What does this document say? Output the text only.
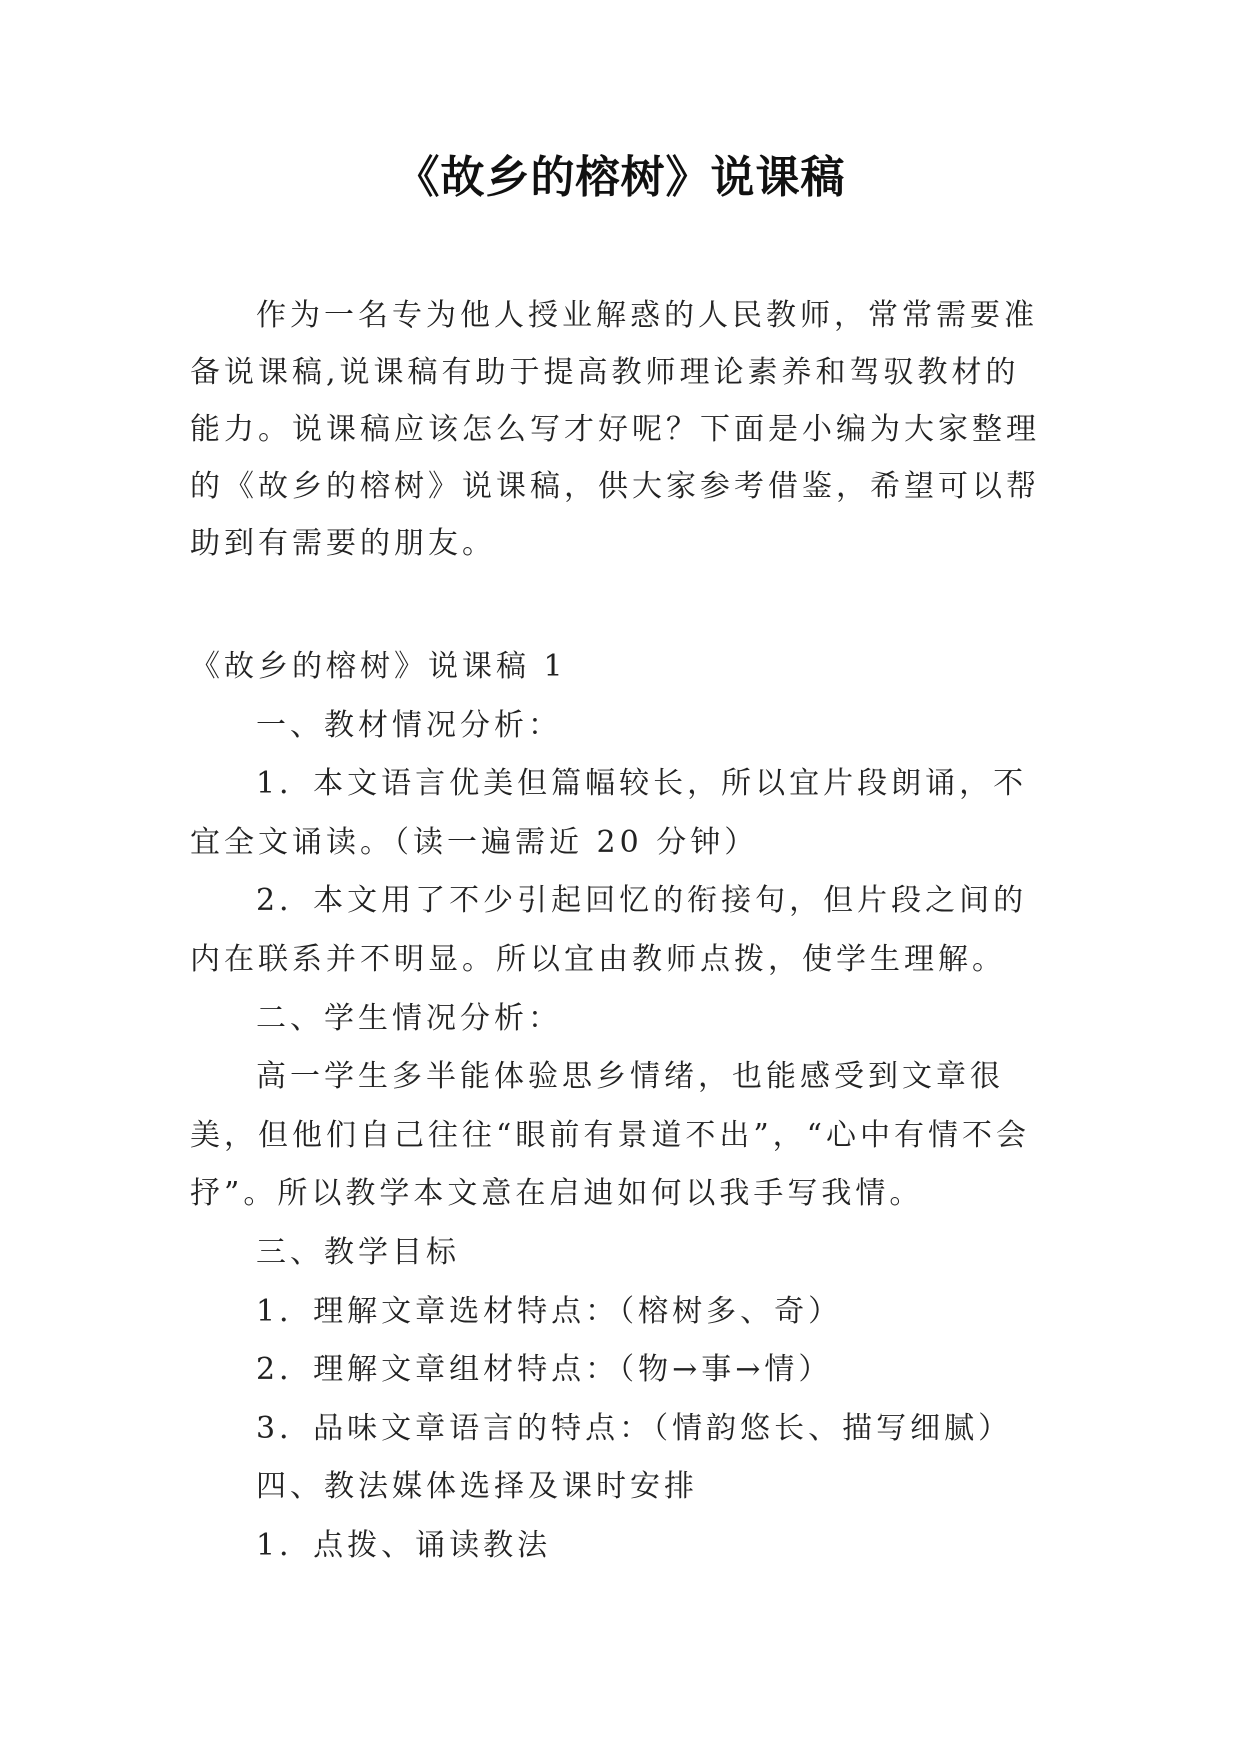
《故乡的榕树》说课稿

作为一名专为他人授业解惑的人民教师，常常需要准备说课稿,说课稿有助于提高教师理论素养和驾驭教材的能力。说课稿应该怎么写才好呢？下面是小编为大家整理的《故乡的榕树》说课稿，供大家参考借鉴，希望可以帮助到有需要的朋友。

《故乡的榕树》说课稿 1

一、教材情况分析：

1．本文语言优美但篇幅较长，所以宜片段朗诵，不宜全文诵读。（读一遍需近 20 分钟）

2．本文用了不少引起回忆的衔接句，但片段之间的内在联系并不明显。所以宜由教师点拨，使学生理解。

二、学生情况分析：

高一学生多半能体验思乡情绪，也能感受到文章很美，但他们自己往往“眼前有景道不出”，“心中有情不会抒”。所以教学本文意在启迪如何以我手写我情。

三、教学目标

1．理解文章选材特点：（榕树多、奇）

2．理解文章组材特点：（物→事→情）

3．品味文章语言的特点：（情韵悠长、描写细腻）

四、教法媒体选择及课时安排

1．点拨、诵读教法
